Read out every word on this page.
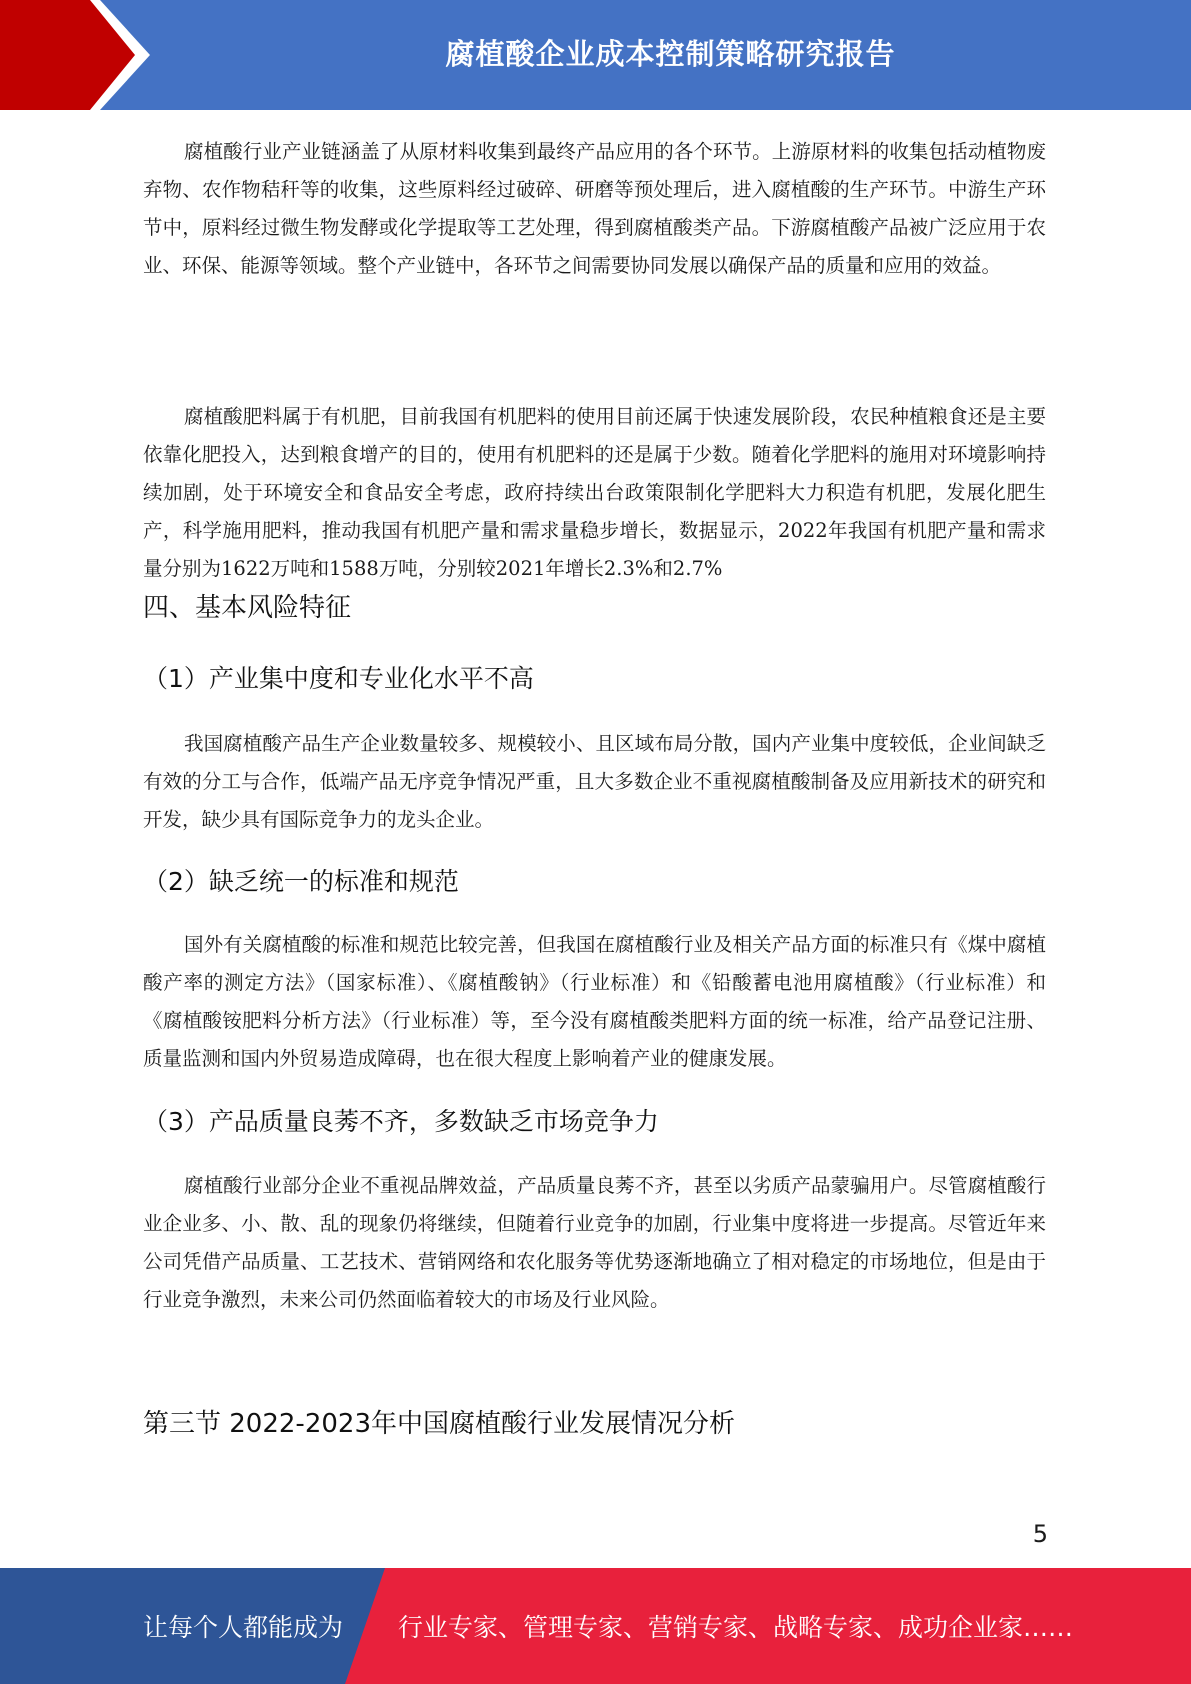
腐植酸企业成本控制策略研究报告

腐植酸行业产业链涵盖了从原材料收集到最终产品应用的各个环节。上游原材料的收集包括动植物废弃物、农作物秸秆等的收集，这些原料经过破碎、研磨等预处理后，进入腐植酸的生产环节。中游生产环节中，原料经过微生物发酵或化学提取等工艺处理，得到腐植酸类产品。下游腐植酸产品被广泛应用于农业、环保、能源等领域。整个产业链中，各环节之间需要协同发展以确保产品的质量和应用的效益。

腐植酸肥料属于有机肥，目前我国有机肥料的使用目前还属于快速发展阶段，农民种植粮食还是主要依靠化肥投入，达到粮食增产的目的，使用有机肥料的还是属于少数。随着化学肥料的施用对环境影响持续加剧，处于环境安全和食品安全考虑，政府持续出台政策限制化学肥料大力积造有机肥，发展化肥生产，科学施用肥料，推动我国有机肥产量和需求量稳步增长，数据显示，2022年我国有机肥产量和需求量分别为1622万吨和1588万吨，分别较2021年增长2.3%和2.7%

四、基本风险特征
（1）产业集中度和专业化水平不高

我国腐植酸产品生产企业数量较多、规模较小、且区域布局分散，国内产业集中度较低，企业间缺乏有效的分工与合作，低端产品无序竞争情况严重，且大多数企业不重视腐植酸制备及应用新技术的研究和开发，缺少具有国际竞争力的龙头企业。

（2）缺乏统一的标准和规范

国外有关腐植酸的标准和规范比较完善，但我国在腐植酸行业及相关产品方面的标准只有《煤中腐植酸产率的测定方法》（国家标准）、《腐植酸钠》（行业标准）和《铅酸蓄电池用腐植酸》（行业标准）和《腐植酸铵肥料分析方法》（行业标准）等，至今没有腐植酸类肥料方面的统一标准，给产品登记注册、质量监测和国内外贸易造成障碍，也在很大程度上影响着产业的健康发展。

（3）产品质量良莠不齐，多数缺乏市场竞争力

腐植酸行业部分企业不重视品牌效益，产品质量良莠不齐，甚至以劣质产品蒙骗用户。尽管腐植酸行业企业多、小、散、乱的现象仍将继续，但随着行业竞争的加剧，行业集中度将进一步提高。尽管近年来公司凭借产品质量、工艺技术、营销网络和农化服务等优势逐渐地确立了相对稳定的市场地位，但是由于行业竞争激烈，未来公司仍然面临着较大的市场及行业风险。

第三节 2022-2023年中国腐植酸行业发展情况分析
5
让每个人都能成为 行业专家、管理专家、营销专家、战略专家、成功企业家……
